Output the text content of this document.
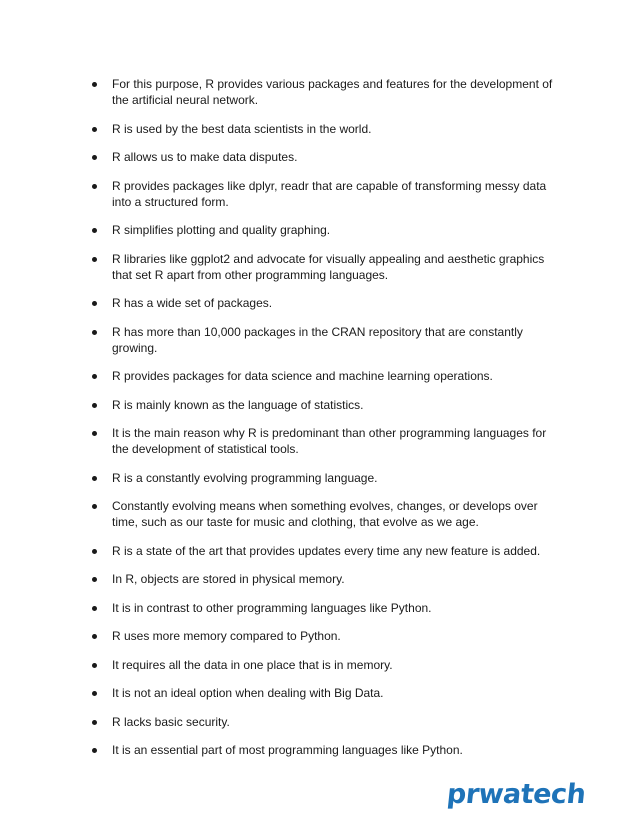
For this purpose, R provides various packages and features for the development of the artificial neural network.
R is used by the best data scientists in the world.
R allows us to make data disputes.
R provides packages like dplyr, readr that are capable of transforming messy data into a structured form.
R simplifies plotting and quality graphing.
R libraries like ggplot2 and advocate for visually appealing and aesthetic graphics that set R apart from other programming languages.
R has a wide set of packages.
R has more than 10,000 packages in the CRAN repository that are constantly growing.
R provides packages for data science and machine learning operations.
R is mainly known as the language of statistics.
It is the main reason why R is predominant than other programming languages for the development of statistical tools.
R is a constantly evolving programming language.
Constantly evolving means when something evolves, changes, or develops over time, such as our taste for music and clothing, that evolve as we age.
R is a state of the art that provides updates every time any new feature is added.
In R, objects are stored in physical memory.
It is in contrast to other programming languages like Python.
R uses more memory compared to Python.
It requires all the data in one place that is in memory.
It is not an ideal option when dealing with Big Data.
R lacks basic security.
It is an essential part of most programming languages like Python.
prwatech
